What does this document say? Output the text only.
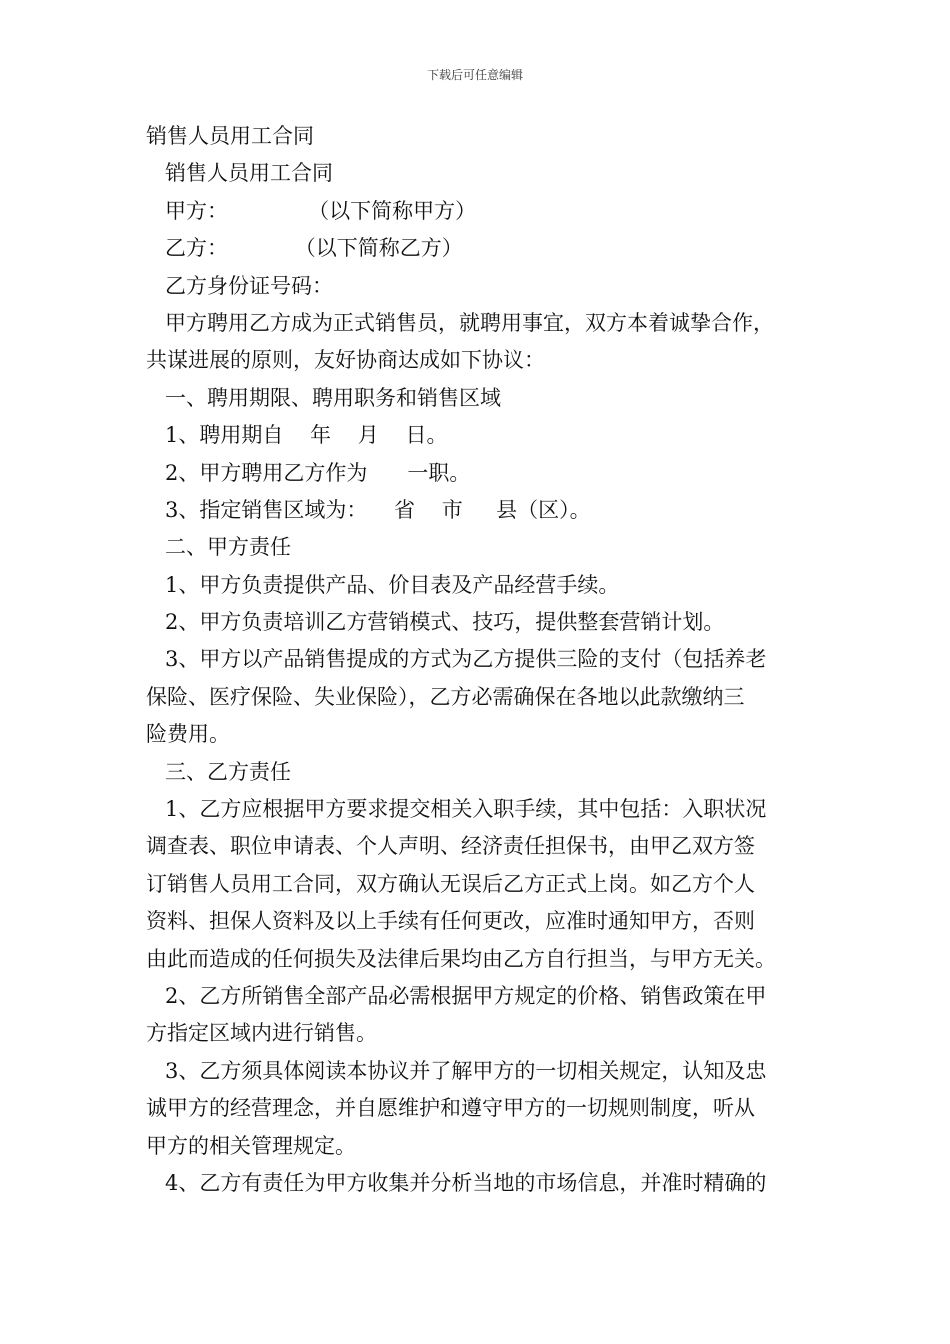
下载后可任意编辑

销售人员用工合同

销售人员用工合同

甲方：            （以下简称甲方）

乙方：          （以下简称乙方）

乙方身份证号码：

甲方聘用乙方成为正式销售员，就聘用事宜，双方本着诚挚合作，

共谋进展的原则，友好协商达成如下协议：

一、聘用期限、聘用职务和销售区域

1、聘用期自    年    月    日。

2、甲方聘用乙方作为      一职。

3、指定销售区域为：    省    市     县（区）。

二、甲方责任

1、甲方负责提供产品、价目表及产品经营手续。

2、甲方负责培训乙方营销模式、技巧，提供整套营销计划。

3、甲方以产品销售提成的方式为乙方提供三险的支付（包括养老

保险、医疗保险、失业保险），乙方必需确保在各地以此款缴纳三

险费用。

三、乙方责任

1、乙方应根据甲方要求提交相关入职手续，其中包括：入职状况

调查表、职位申请表、个人声明、经济责任担保书，由甲乙双方签

订销售人员用工合同，双方确认无误后乙方正式上岗。如乙方个人

资料、担保人资料及以上手续有任何更改，应准时通知甲方，否则

由此而造成的任何损失及法律后果均由乙方自行担当，与甲方无关。

2、乙方所销售全部产品必需根据甲方规定的价格、销售政策在甲

方指定区域内进行销售。

3、乙方须具体阅读本协议并了解甲方的一切相关规定，认知及忠

诚甲方的经营理念，并自愿维护和遵守甲方的一切规则制度，听从

甲方的相关管理规定。

4、乙方有责任为甲方收集并分析当地的市场信息，并准时精确的
